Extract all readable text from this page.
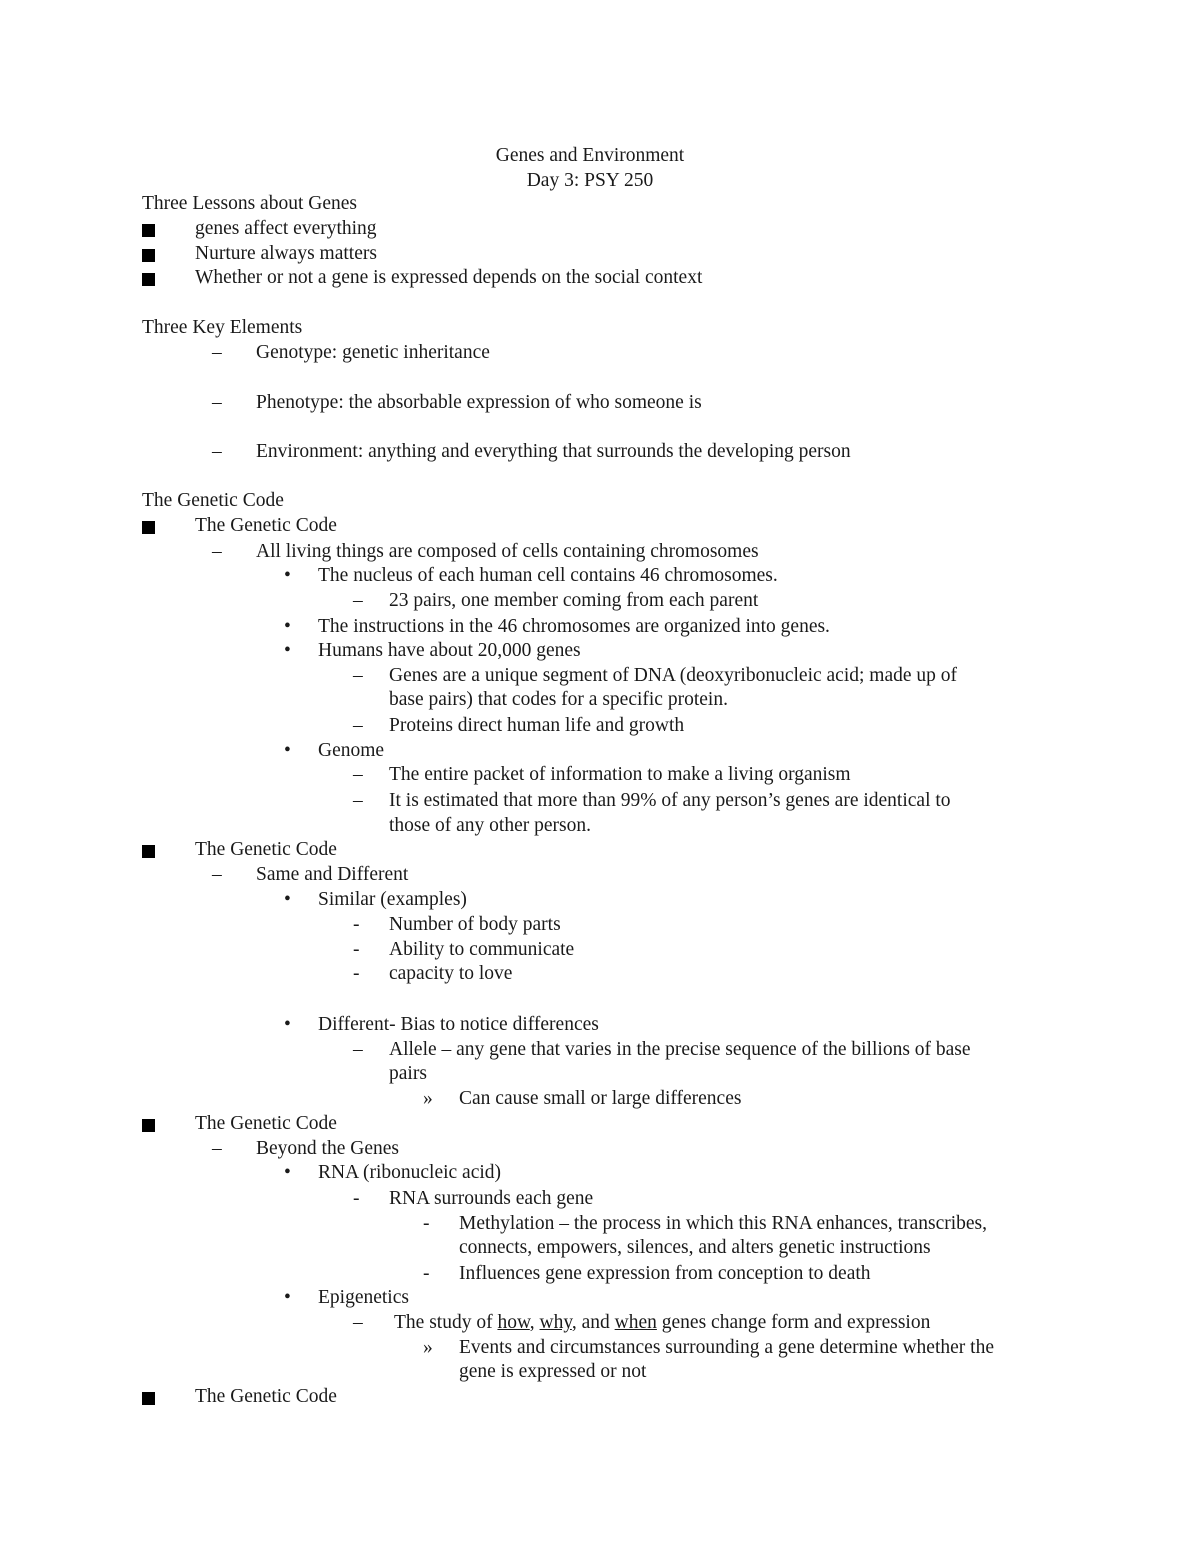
Genes and Environment
Day 3: PSY 250
Three Lessons about Genes
genes affect everything
Nurture always matters
Whether or not a gene is expressed depends on the social context
Three Key Elements
– Genotype: genetic inheritance
– Phenotype: the absorbable expression of who someone is
– Environment: anything and everything that surrounds the developing person
The Genetic Code
The Genetic Code
– All living things are composed of cells containing chromosomes
• The nucleus of each human cell contains 46 chromosomes.
– 23 pairs, one member coming from each parent
• The instructions in the 46 chromosomes are organized into genes.
• Humans have about 20,000 genes
– Genes are a unique segment of DNA (deoxyribonucleic acid; made up of
base pairs) that codes for a specific protein.
– Proteins direct human life and growth
• Genome
– The entire packet of information to make a living organism
– It is estimated that more than 99% of any person’s genes are identical to
those of any other person.
The Genetic Code
– Same and Different
• Similar (examples)
- Number of body parts
- Ability to communicate
- capacity to love
• Different- Bias to notice differences
– Allele – any gene that varies in the precise sequence of the billions of base
pairs
» Can cause small or large differences
The Genetic Code
– Beyond the Genes
• RNA (ribonucleic acid)
- RNA surrounds each gene
- Methylation – the process in which this RNA enhances, transcribes,
connects, empowers, silences, and alters genetic instructions
- Influences gene expression from conception to death
• Epigenetics
– The study of how, why, and when genes change form and expression
» Events and circumstances surrounding a gene determine whether the
gene is expressed or not
The Genetic Code
